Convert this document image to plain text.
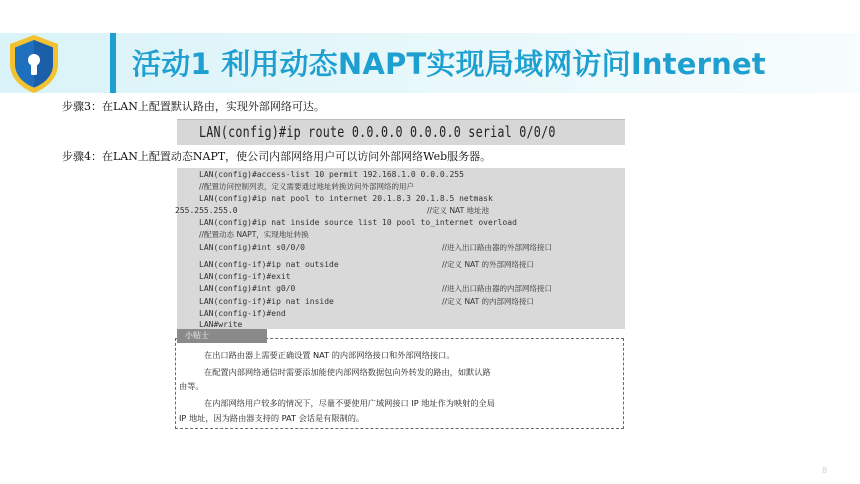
活动1 利用动态NAPT实现局域网访问Internet
步骤3：在LAN上配置默认路由，实现外部网络可达。
LAN(config)#ip route 0.0.0.0 0.0.0.0 serial 0/0/0
步骤4：在LAN上配置动态NAPT，使公司内部网络用户可以访问外部网络Web服务器。
LAN(config)#access-list 10 permit 192.168.1.0 0.0.0.255
//配置访问控制列表，定义需要通过地址转换访问外部网络的用户
LAN(config)#ip nat pool to internet 20.1.8.3 20.1.8.5 netmask
255.255.255.0	//定义 NAT 地址池
LAN(config)#ip nat inside source list 10 pool to_internet overload
//配置动态 NAPT，实现地址转换
LAN(config)#int s0/0/0	//进入出口路由器的外部网络接口
LAN(config-if)#ip nat outside	//定义 NAT 的外部网络接口
LAN(config-if)#exit
LAN(config)#int g0/0	//进入出口路由器的内部网络接口
LAN(config-if)#ip nat inside	//定义 NAT 的内部网络接口
LAN(config-if)#end
LAN#write
在出口路由器上需要正确设置 NAT 的内部网络接口和外部网络接口。
在配置内部网络通信时需要添加能使内部网络数据包向外转发的路由，如默认路
由等。
在内部网络用户较多的情况下，尽量不要使用广域网接口 IP 地址作为映射的全局
IP 地址，因为路由器支持的 PAT 会话是有限制的。
小贴士
8
